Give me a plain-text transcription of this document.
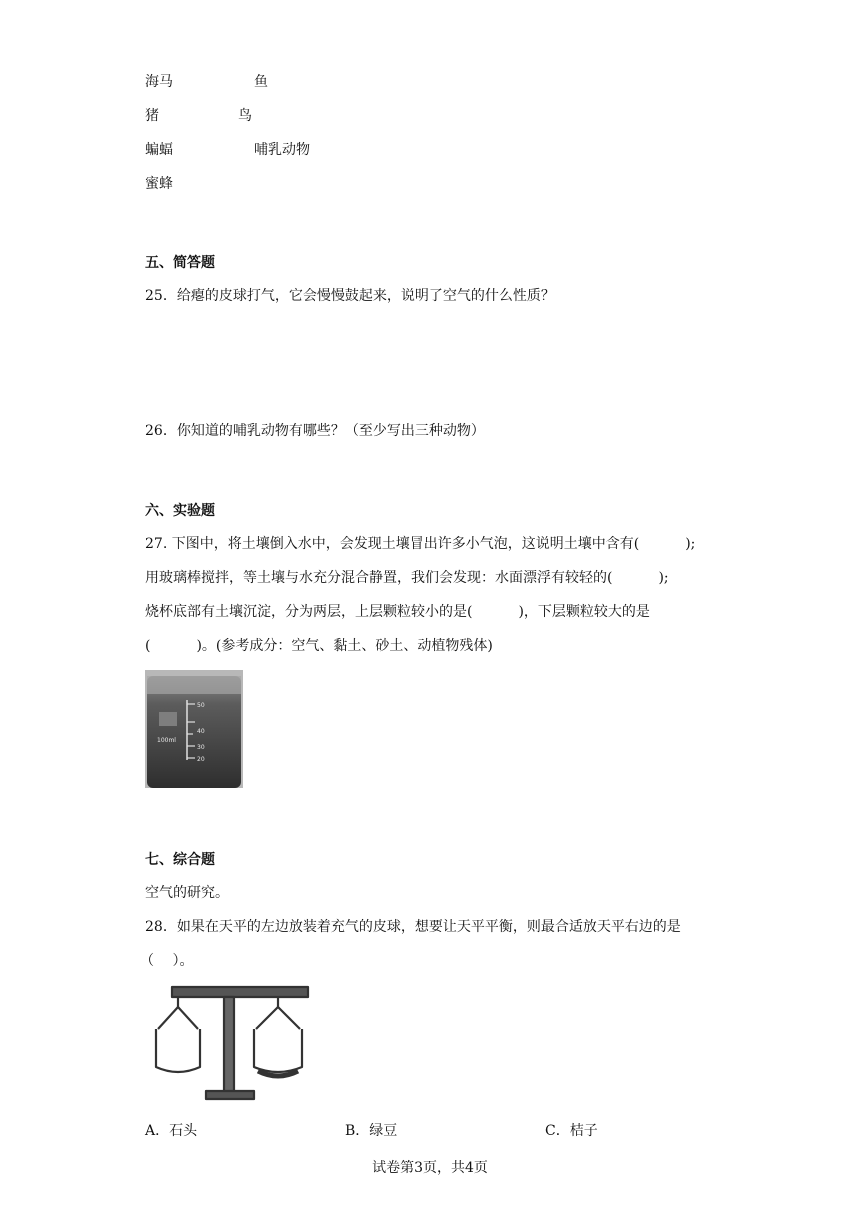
海马	鱼
猪	鸟
蝙蝠	哺乳动物
蜜蜂
五、简答题
25．给瘪的皮球打气，它会慢慢鼓起来，说明了空气的什么性质？
26．你知道的哺乳动物有哪些？（至少写出三种动物）
六、实验题
27. 下图中，将土壤倒入水中，会发现土壤冒出许多小气泡，这说明土壤中含有(	);
用玻璃棒搅拌，等土壤与水充分混合静置，我们会发现：水面漂浮有较轻的(	);
烧杯底部有土壤沉淀，分为两层，上层颗粒较小的是(	)，下层颗粒较大的是
(	)。(参考成分：空气、黏土、砂土、动植物残体)
50
40
100ml
30
20
七、综合题
空气的研究。
28．如果在天平的左边放装着充气的皮球，想要让天平平衡，则最合适放天平右边的是
（　 ）。
A．石头	B．绿豆	C．桔子
试卷第3页，共4页
